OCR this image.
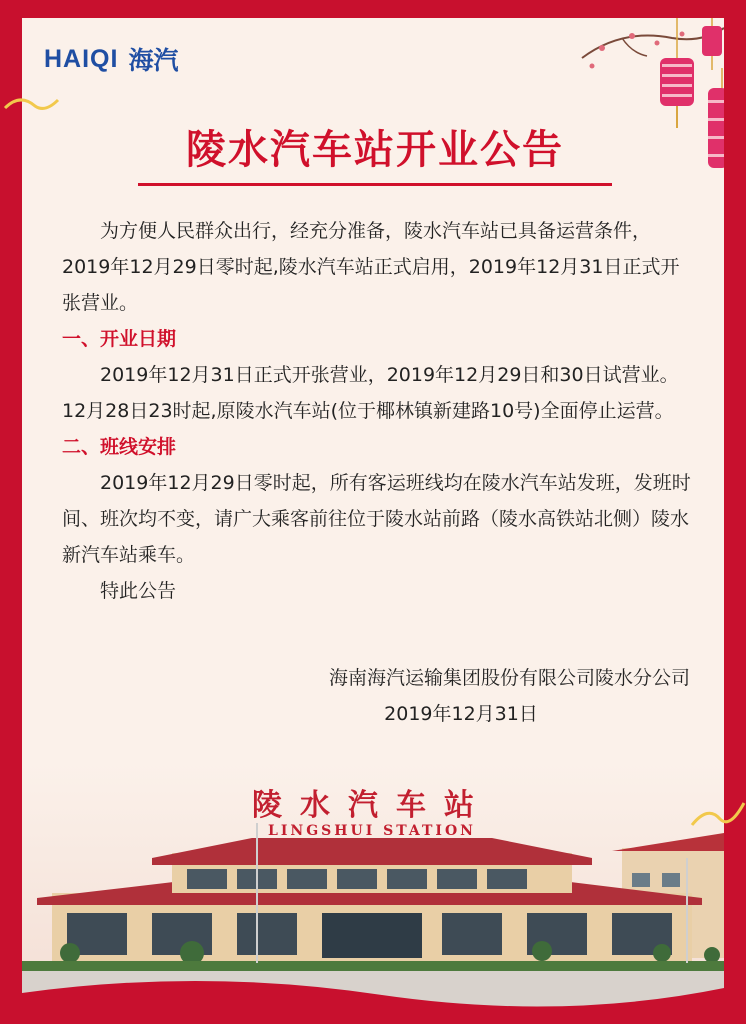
HAIQI 海汽
陵水汽车站开业公告

为方便人民群众出行，经充分准备，陵水汽车站已具备运营条件，2019年12月29日零时起,陵水汽车站正式启用，2019年12月31日正式开张营业。

一、开业日期

2019年12月31日正式开张营业，2019年12月29日和30日试营业。12月28日23时起,原陵水汽车站(位于椰林镇新建路10号)全面停止运营。

二、班线安排

2019年12月29日零时起，所有客运班线均在陵水汽车站发班，发班时间、班次均不变，请广大乘客前往位于陵水站前路（陵水高铁站北侧）陵水新汽车站乘车。

特此公告

海南海汽运输集团股份有限公司陵水分公司
2019年12月31日
陵水汽车站
LINGSHUI STATION
